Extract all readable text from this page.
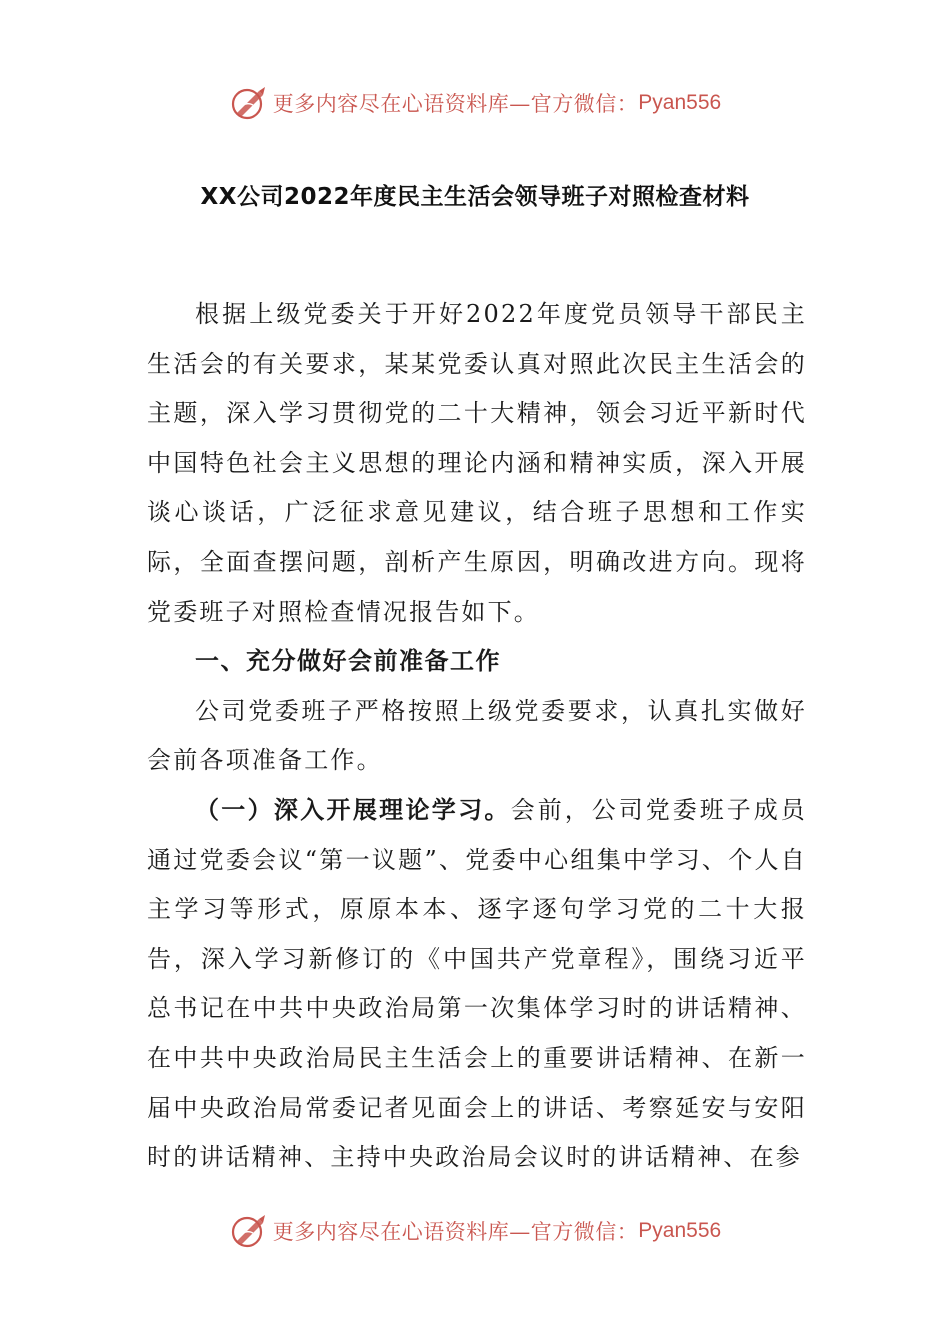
更多内容尽在心语资料库—官方微信： Pyan556
XX公司2022年度民主生活会领导班子对照检查材料

根据上级党委关于开好2022年度党员领导干部民主生活会的有关要求，某某党委认真对照此次民主生活会的主题，深入学习贯彻党的二十大精神，领会习近平新时代中国特色社会主义思想的理论内涵和精神实质，深入开展谈心谈话，广泛征求意见建议，结合班子思想和工作实际，全面查摆问题，剖析产生原因，明确改进方向。现将党委班子对照检查情况报告如下。

一、充分做好会前准备工作

公司党委班子严格按照上级党委要求，认真扎实做好会前各项准备工作。

（一）深入开展理论学习。会前，公司党委班子成员通过党委会议“第一议题”、党委中心组集中学习、个人自主学习等形式，原原本本、逐字逐句学习党的二十大报告，深入学习新修订的《中国共产党章程》，围绕习近平总书记在中共中央政治局第一次集体学习时的讲话精神、在中共中央政治局民主生活会上的重要讲话精神、在新一届中央政治局常委记者见面会上的讲话、考察延安与安阳时的讲话精神、主持中央政治局会议时的讲话精神、在参

更多内容尽在心语资料库—官方微信： Pyan556
